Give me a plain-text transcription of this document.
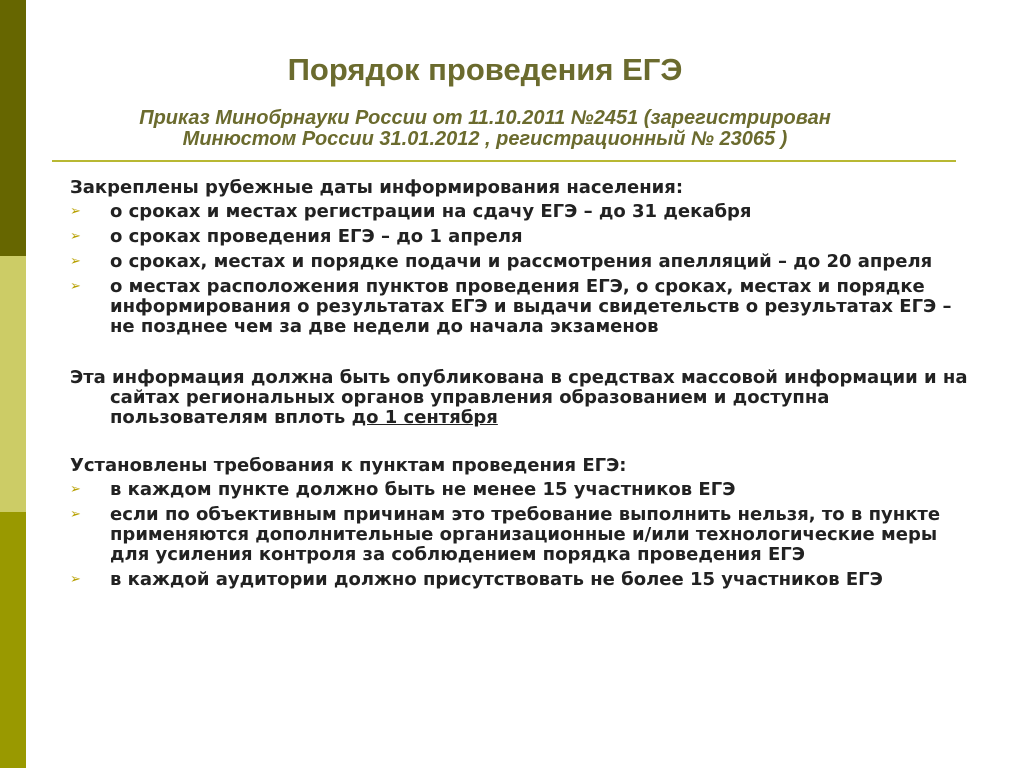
Порядок проведения ЕГЭ
Приказ Минобрнауки России от 11.10.2011 №2451 (зарегистрирован
Минюстом России 31.01.2012 , регистрационный № 23065 )

Закреплены рубежные даты информирования населения:

➢ о сроках и местах регистрации на сдачу ЕГЭ – до 31 декабря
➢ о сроках проведения ЕГЭ – до 1 апреля
➢ о сроках, местах и порядке подачи и рассмотрения апелляций – до 20 апреля
➢ о местах расположения пунктов проведения ЕГЭ, о сроках, местах и порядке информирования о результатах ЕГЭ и выдачи свидетельств о результатах ЕГЭ – не позднее чем за две недели до начала экзаменов

Эта информация должна быть опубликована в средствах массовой информации и на сайтах региональных органов управления образованием и доступна пользователям вплоть до 1 сентября

Установлены требования к пунктам проведения ЕГЭ:

➢ в каждом пункте должно быть не менее 15 участников ЕГЭ
➢ если по объективным причинам это требование выполнить нельзя, то в пункте применяются дополнительные организационные и/или технологические меры для усиления контроля за соблюдением порядка проведения ЕГЭ
➢ в каждой аудитории должно присутствовать не более 15 участников ЕГЭ
